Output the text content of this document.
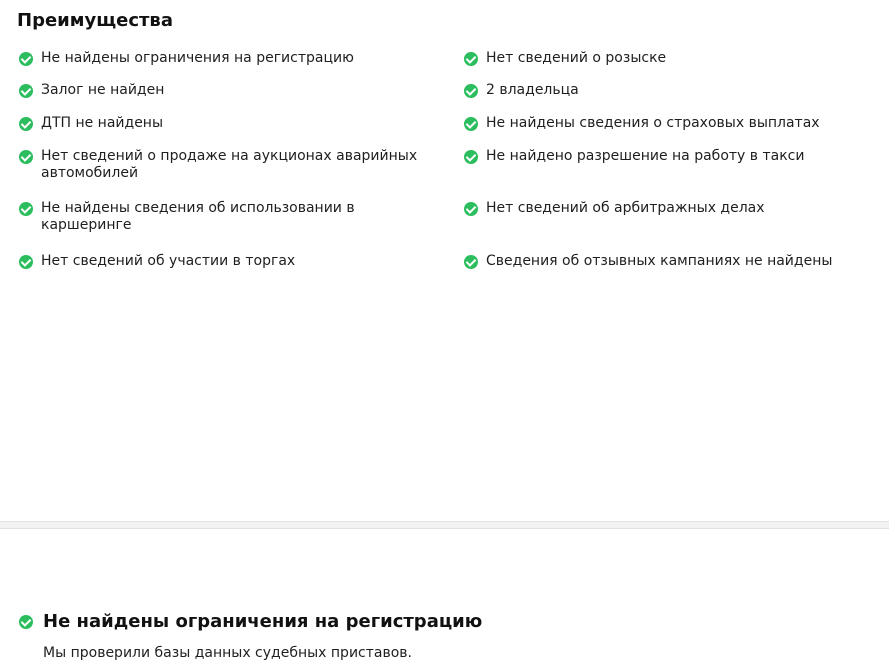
Преимущества
Не найдены ограничения на регистрацию
Залог не найден
ДТП не найдены
Нет сведений о продаже на аукционах аварийных автомобилей
Не найдены сведения об использовании в каршеринге
Нет сведений об участии в торгах
Нет сведений о розыске
2 владельца
Не найдены сведения о страховых выплатах
Не найдено разрешение на работу в такси
Нет сведений об арбитражных делах
Сведения об отзывных кампаниях не найдены
Не найдены ограничения на регистрацию

Мы проверили базы данных судебных приставов.
